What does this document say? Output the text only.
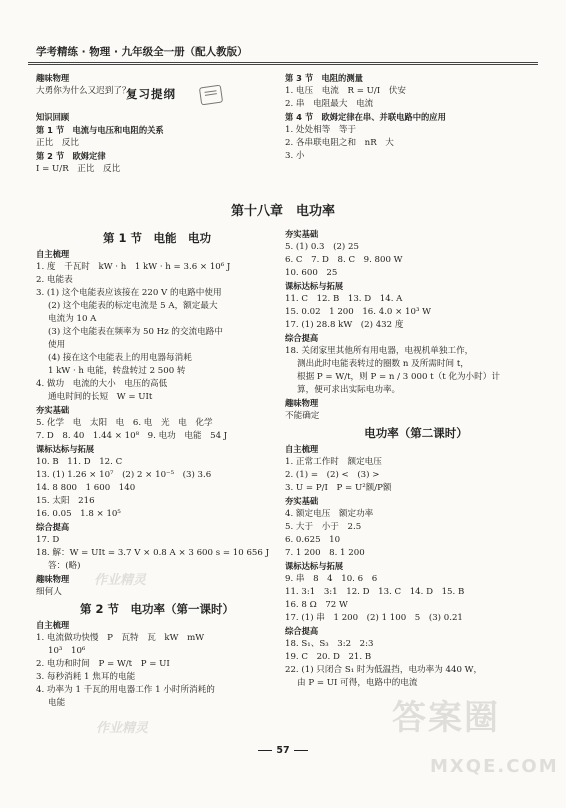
学考精练 · 物理 · 九年级全一册（配人教版）
趣味物理
大勇你为什么又迟到了？
知识回顾
第 1 节　电流与电压和电阻的关系
正比　反比
第 2 节　欧姆定律
I = U/R　正比　反比
复习提纲
第 3 节　电阻的测量
1. 电压　电流　R = U/I　伏安
2. 串　电阻最大　电流
第 4 节　欧姆定律在串、并联电路中的应用
1. 处处相等　等于
2. 各串联电阻之和　nR　大
3. 小
第十八章　电功率
第 1 节　电能　电功
自主梳理
1. 度　千瓦时　kW · h　1 kW · h = 3.6 × 10⁶ J
2. 电能表
3. (1) 这个电能表应该接在 220 V 的电路中使用
(2) 这个电能表的标定电流是 5 A，额定最大
电流为 10 A
(3) 这个电能表在频率为 50 Hz 的交流电路中
使用
(4) 接在这个电能表上的用电器每消耗
1 kW · h 电能，转盘转过 2 500 转
4. 做功　电流的大小　电压的高低
通电时间的长短　W = UIt
夯实基础
5. 化学　电　太阳　电　6. 电　光　电　化学
7. D　8. 40　1.44 × 10⁸　9. 电功　电能　54 J
课标达标与拓展
10. B　11. D　12. C
13. (1) 1.26 × 10⁷　(2) 2 × 10⁻⁵　(3) 3.6
14. 8 800　1 600　140
15. 太阳　216
16. 0.05　1.8 × 10⁵
综合提高
17. D
18. 解：W = UIt = 3.7 V × 0.8 A × 3 600 s = 10 656 J
答：(略)
趣味物理
细何人
第 2 节　电功率（第一课时）
自主梳理
1. 电流做功快慢　P　瓦特　瓦　kW　mW
10³　10⁶
2. 电功和时间　P = W/t　P = UI
3. 每秒消耗 1 焦耳的电能
4. 功率为 1 千瓦的用电器工作 1 小时所消耗的
电能
夯实基础
5. (1) 0.3　(2) 25
6. C　7. D　8. C　9. 800 W
10. 600　25
课标达标与拓展
11. C　12. B　13. D　14. A
15. 0.02　1 200　16. 4.0 × 10³ W
17. (1) 28.8 kW　(2) 432 度
综合提高
18. 关闭家里其他所有用电器，电视机单独工作，
测出此时电能表转过的圈数 n 及所需时间 t，
根据 P = W/t，则 P = n / 3 000 t（t 化为小时）计
算，便可求出实际电功率。
趣味物理
不能确定
电功率（第二课时）
自主梳理
1. 正常工作时　额定电压
2. (1) =　(2) <　(3) >
3. U = P/I　P = U²额/P额
夯实基础
4. 额定电压　额定功率
5. 大于　小于　2.5
6. 0.625　10
7. 1 200　8. 1 200
课标达标与拓展
9. 串　8　4　10. 6　6
11. 3:1　3:1　12. D　13. C　14. D　15. B
16. 8 Ω　72 W
17. (1) 串　1 200　(2) 1 100　5　(3) 0.21
综合提高
18. S₁、S₃　3:2　2:3
19. C　20. D　21. B
22. (1) 只闭合 S₁ 时为低温挡，电功率为 440 W，
由 P = UI 可得，电路中的电流
57
答案圈
MXQE.COM
作业精灵
作业精灵
